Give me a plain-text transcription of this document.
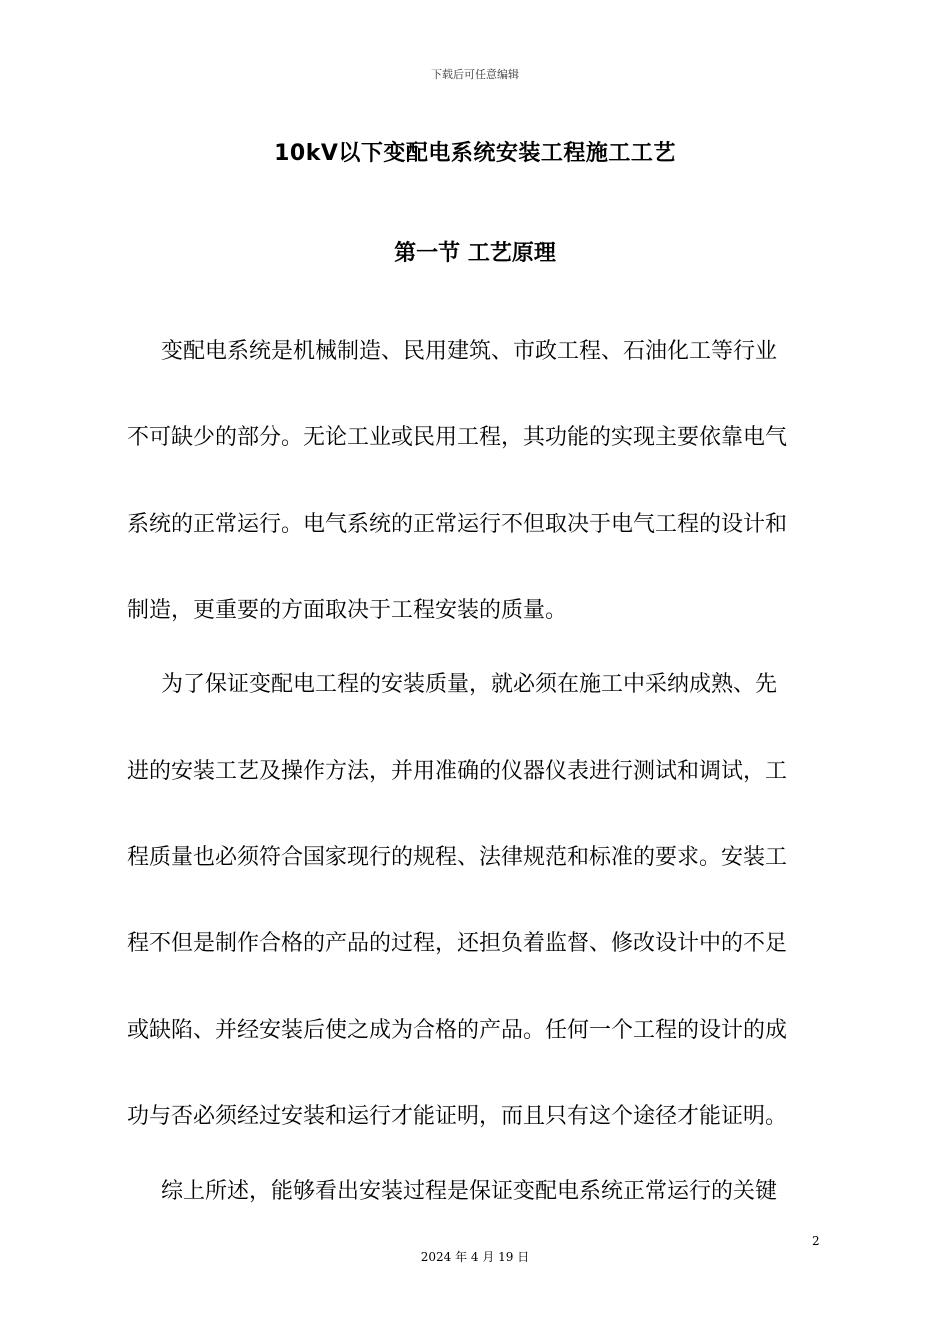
下载后可任意编辑
10kV以下变配电系统安装工程施工工艺
第一节 工艺原理
变配电系统是机械制造、民用建筑、市政工程、石油化工等行业
不可缺少的部分。无论工业或民用工程，其功能的实现主要依靠电气
系统的正常运行。电气系统的正常运行不但取决于电气工程的设计和
制造，更重要的方面取决于工程安装的质量。
为了保证变配电工程的安装质量，就必须在施工中采纳成熟、先
进的安装工艺及操作方法，并用准确的仪器仪表进行测试和调试，工
程质量也必须符合国家现行的规程、法律规范和标准的要求。安装工
程不但是制作合格的产品的过程，还担负着监督、修改设计中的不足
或缺陷、并经安装后使之成为合格的产品。任何一个工程的设计的成
功与否必须经过安装和运行才能证明，而且只有这个途径才能证明。
综上所述，能够看出安装过程是保证变配电系统正常运行的关键
2
2024 年 4 月 19 日
